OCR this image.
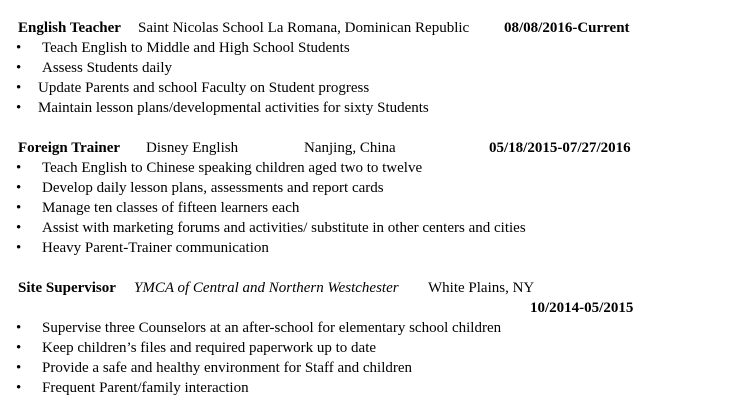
English Teacher Saint Nicolas School La Romana, Dominican Republic 08/08/2016-Current
• Teach English to Middle and High School Students
• Assess Students daily
• Update Parents and school Faculty on Student progress
• Maintain lesson plans/developmental activities for sixty Students
Foreign Trainer Disney English	Nanjing, China	05/18/2015-07/27/2016
• Teach English to Chinese speaking children aged two to twelve
• Develop daily lesson plans, assessments and report cards
• Manage ten classes of fifteen learners each
• Assist with marketing forums and activities/ substitute in other centers and cities
• Heavy Parent-Trainer communication
Site Supervisor YMCA of Central and Northern Westchester White Plains, NY
10/2014-05/2015
• Supervise three Counselors at an after-school for elementary school children
• Keep children’s files and required paperwork up to date
• Provide a safe and healthy environment for Staff and children
• Frequent Parent/family interaction
